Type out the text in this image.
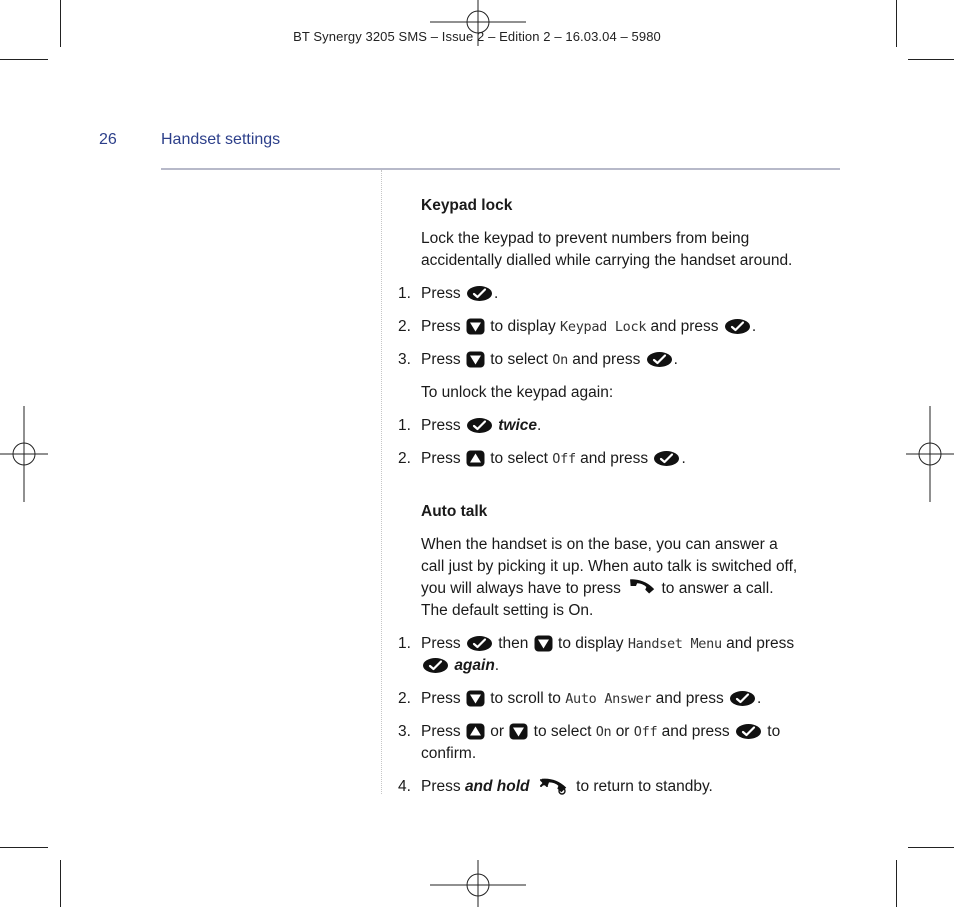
BT Synergy 3205 SMS – Issue 2 – Edition 2 – 16.03.04 – 5980
26	Handset settings
Keypad lock
Lock the keypad to prevent numbers from being
accidentally dialled while carrying the handset around.
1. Press .
2. Press to display Keypad Lock and press .
3. Press to select On and press .
To unlock the keypad again:
1. Press twice.
2. Press to select Off and press .
Auto talk
When the handset is on the base, you can answer a
call just by picking it up. When auto talk is switched off,
you will always have to press	to answer a call.
The default setting is On.
1. Press then to display Handset Menu and press

again.
2. Press to scroll to Auto Answer and press .
3. Press or to select On or Off and press to
confirm.
4. Press and hold	to return to standby.
